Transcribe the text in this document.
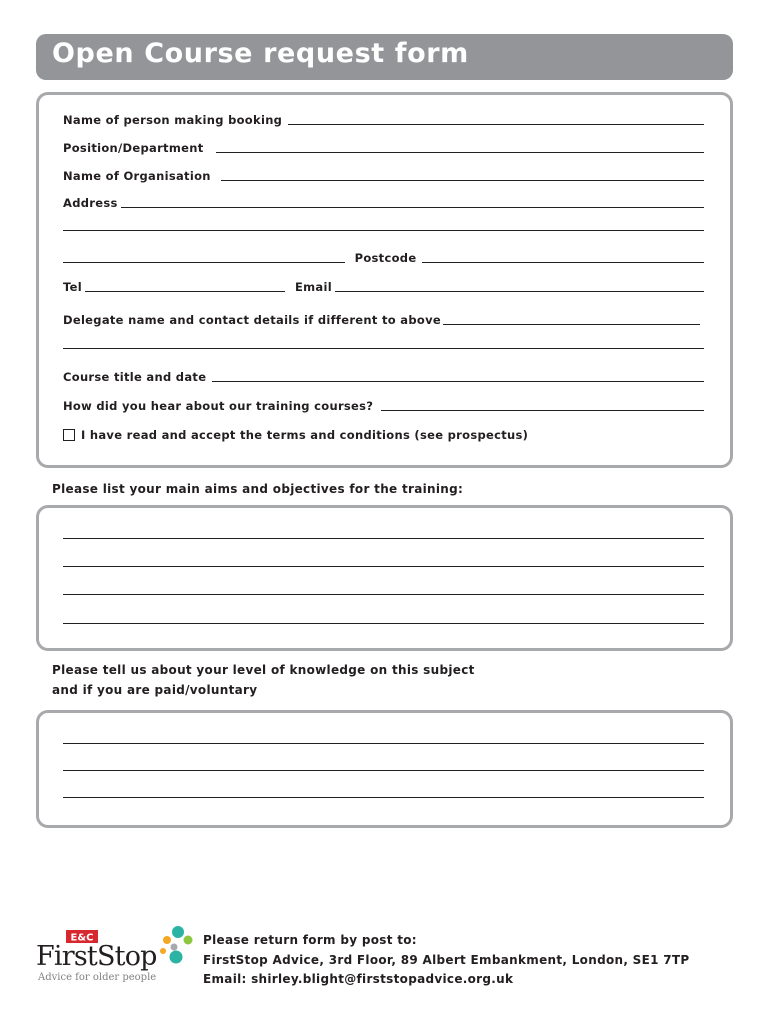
Open Course request form
Name of person making booking
Position/Department
Name of Organisation
Address
Postcode
Tel	Email
Delegate name and contact details if different to above
Course title and date
How did you hear about our training courses?
I have read and accept the terms and conditions (see prospectus)
Please list your main aims and objectives for the training:
Please tell us about your level of knowledge on this subject
and if you are paid/voluntary
E&C
FirstStop
Advice for older people
Please return form by post to:
FirstStop Advice, 3rd Floor, 89 Albert Embankment, London, SE1 7TP
Email: shirley.blight@firststopadvice.org.uk
